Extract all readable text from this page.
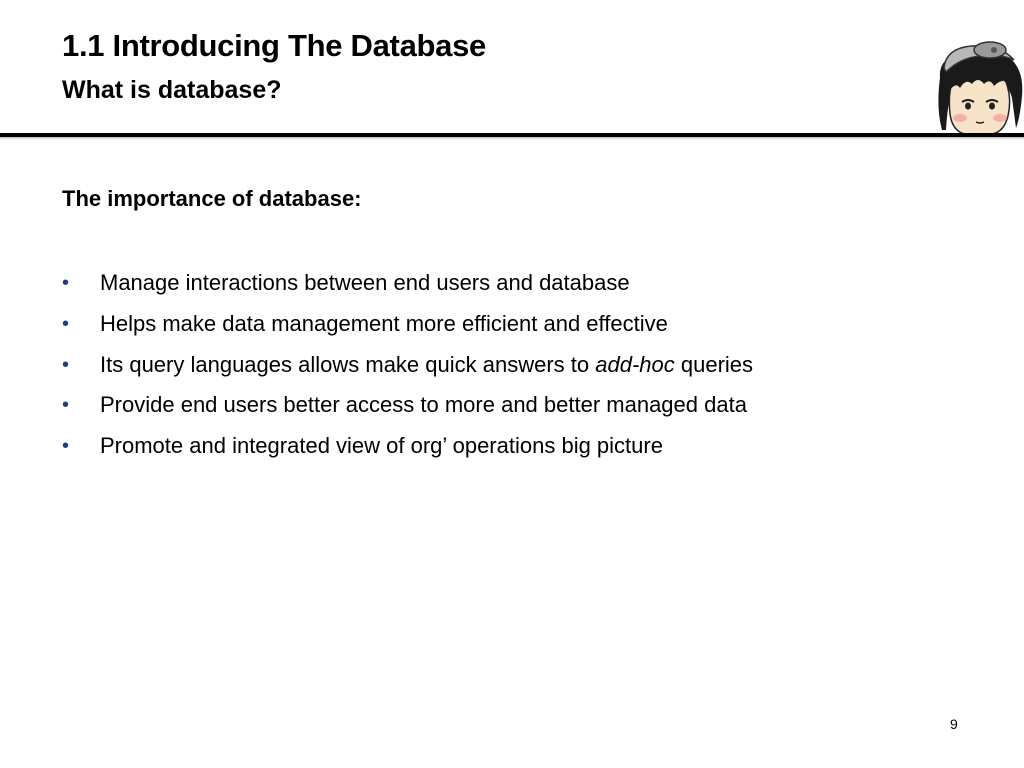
1.1 Introducing The Database
What is database?

The importance of database:

• Manage interactions between end users and database
• Helps make data management more efficient and effective
• Its query languages allows make quick answers to add-hoc queries
• Provide end users better access to more and better managed data
• Promote and integrated view of org’ operations big picture
9
